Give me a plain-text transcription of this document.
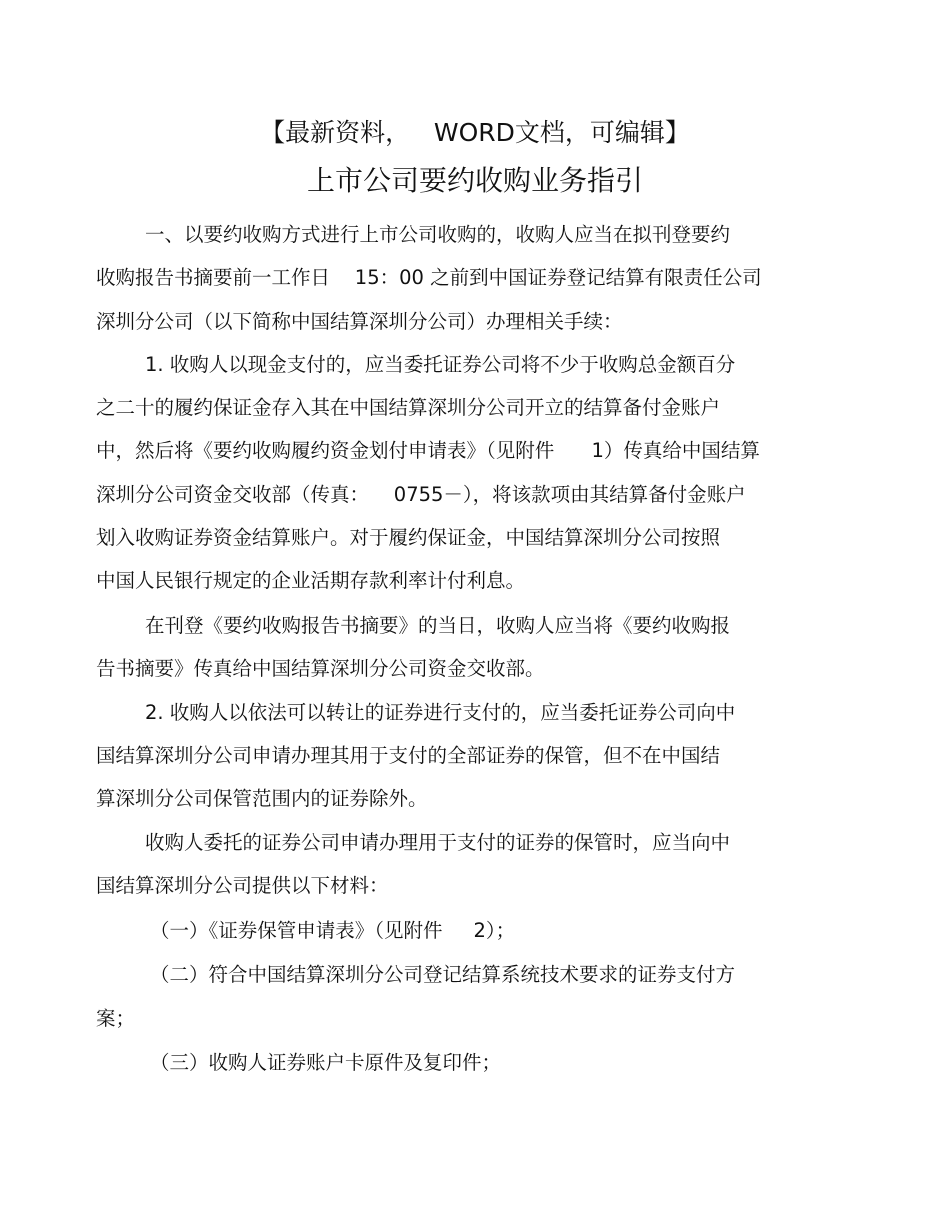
【最新资料，   WORD文档，可编辑】
上市公司要约收购业务指引
一、以要约收购方式进行上市公司收购的，收购人应当在拟刊登要约
收购报告书摘要前一工作日    15：00 之前到中国证券登记结算有限责任公司
深圳分公司（以下简称中国结算深圳分公司）办理相关手续：
1. 收购人以现金支付的，应当委托证券公司将不少于收购总金额百分
之二十的履约保证金存入其在中国结算深圳分公司开立的结算备付金账户
中，然后将《要约收购履约资金划付申请表》（见附件      1）传真给中国结算
深圳分公司资金交收部（传真：    0755－），将该款项由其结算备付金账户
划入收购证券资金结算账户。对于履约保证金，中国结算深圳分公司按照
中国人民银行规定的企业活期存款利率计付利息。
在刊登《要约收购报告书摘要》的当日，收购人应当将《要约收购报
告书摘要》传真给中国结算深圳分公司资金交收部。
2. 收购人以依法可以转让的证券进行支付的，应当委托证券公司向中
国结算深圳分公司申请办理其用于支付的全部证券的保管，但不在中国结
算深圳分公司保管范围内的证券除外。
收购人委托的证券公司申请办理用于支付的证券的保管时，应当向中
国结算深圳分公司提供以下材料：
（一）《证券保管申请表》（见附件     2）；
（二）符合中国结算深圳分公司登记结算系统技术要求的证券支付方
案；
（三）收购人证券账户卡原件及复印件；
